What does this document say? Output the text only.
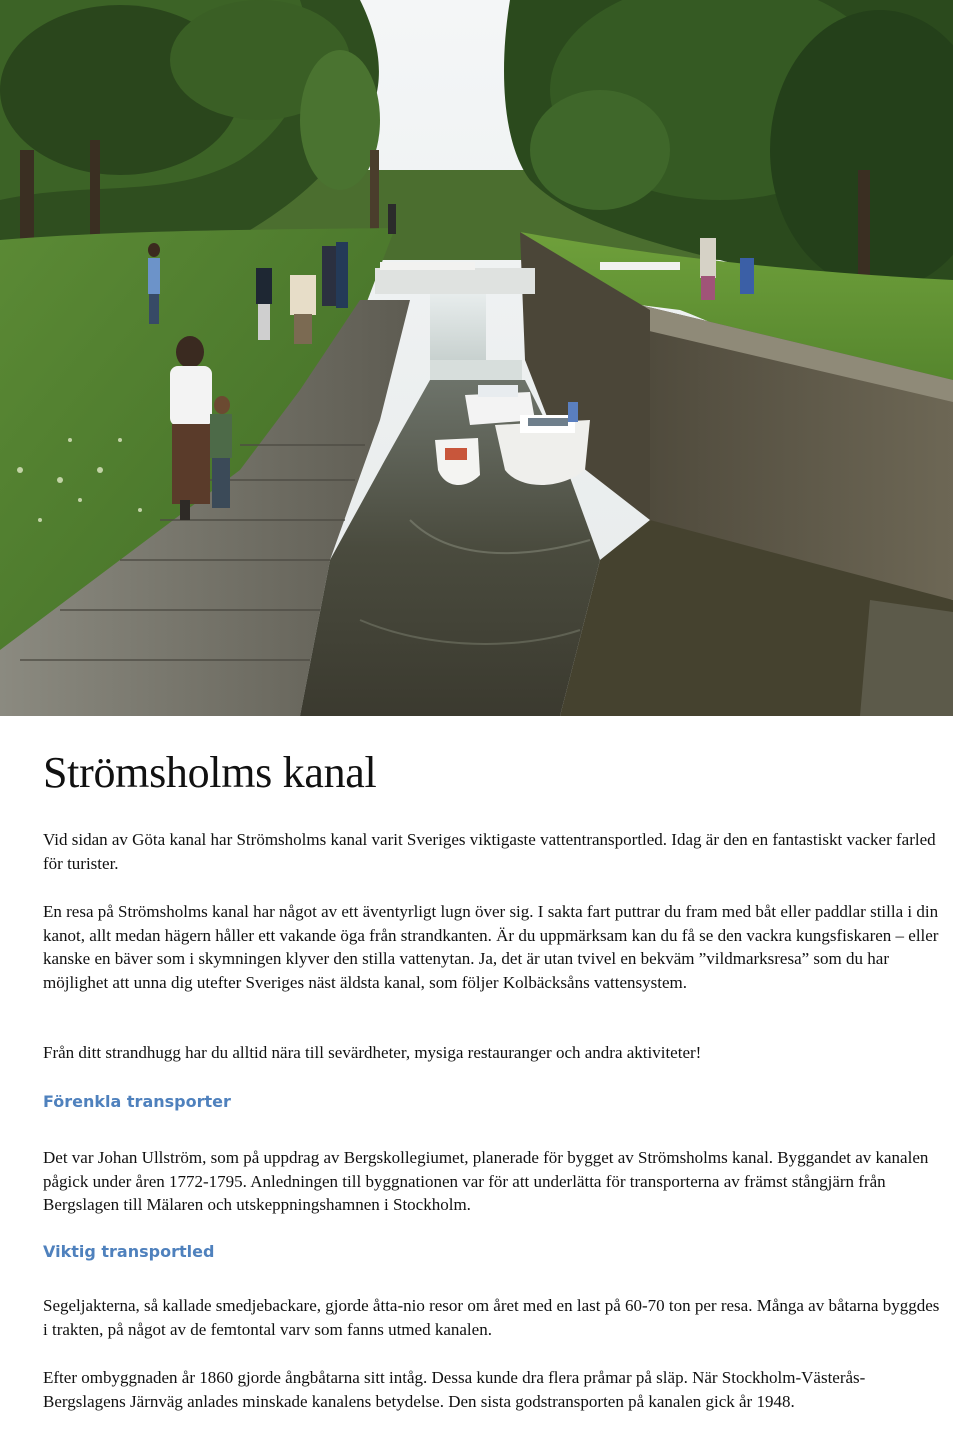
Strömsholms kanal

Vid sidan av Göta kanal har Strömsholms kanal varit Sveriges viktigaste vattentransportled. Idag är den en fantastiskt vacker farled för turister.

En resa på Strömsholms kanal har något av ett äventyrligt lugn över sig. I sakta fart puttrar du fram med båt eller paddlar stilla i din kanot, allt medan hägern håller ett vakande öga från strandkanten. Är du uppmärksam kan du få se den vackra kungsfiskaren – eller kanske en bäver som i skymningen klyver den stilla vattenytan. Ja, det är utan tvivel en bekväm ”vildmarksresa” som du har möjlighet att unna dig utefter Sveriges näst äldsta kanal, som följer Kolbäcksåns vattensystem.

Från ditt strandhugg har du alltid nära till sevärdheter, mysiga restauranger och andra aktiviteter!

Förenkla transporter

Det var Johan Ullström, som på uppdrag av Bergskollegiumet, planerade för bygget av Strömsholms kanal. Byggandet av kanalen pågick under åren 1772-1795. Anledningen till byggnationen var för att underlätta för transporterna av främst stångjärn från Bergslagen till Mälaren och utskeppningshamnen i Stockholm.

Viktig transportled

Segeljakterna, så kallade smedjebackare, gjorde åtta-nio resor om året med en last på 60-70 ton per resa. Många av båtarna byggdes i trakten, på något av de femtontal varv som fanns utmed kanalen.

Efter ombyggnaden år 1860 gjorde ångbåtarna sitt intåg. Dessa kunde dra flera pråmar på släp. När Stockholm-Västerås-Bergslagens Järnväg anlades minskade kanalens betydelse. Den sista godstransporten på kanalen gick år 1948.
